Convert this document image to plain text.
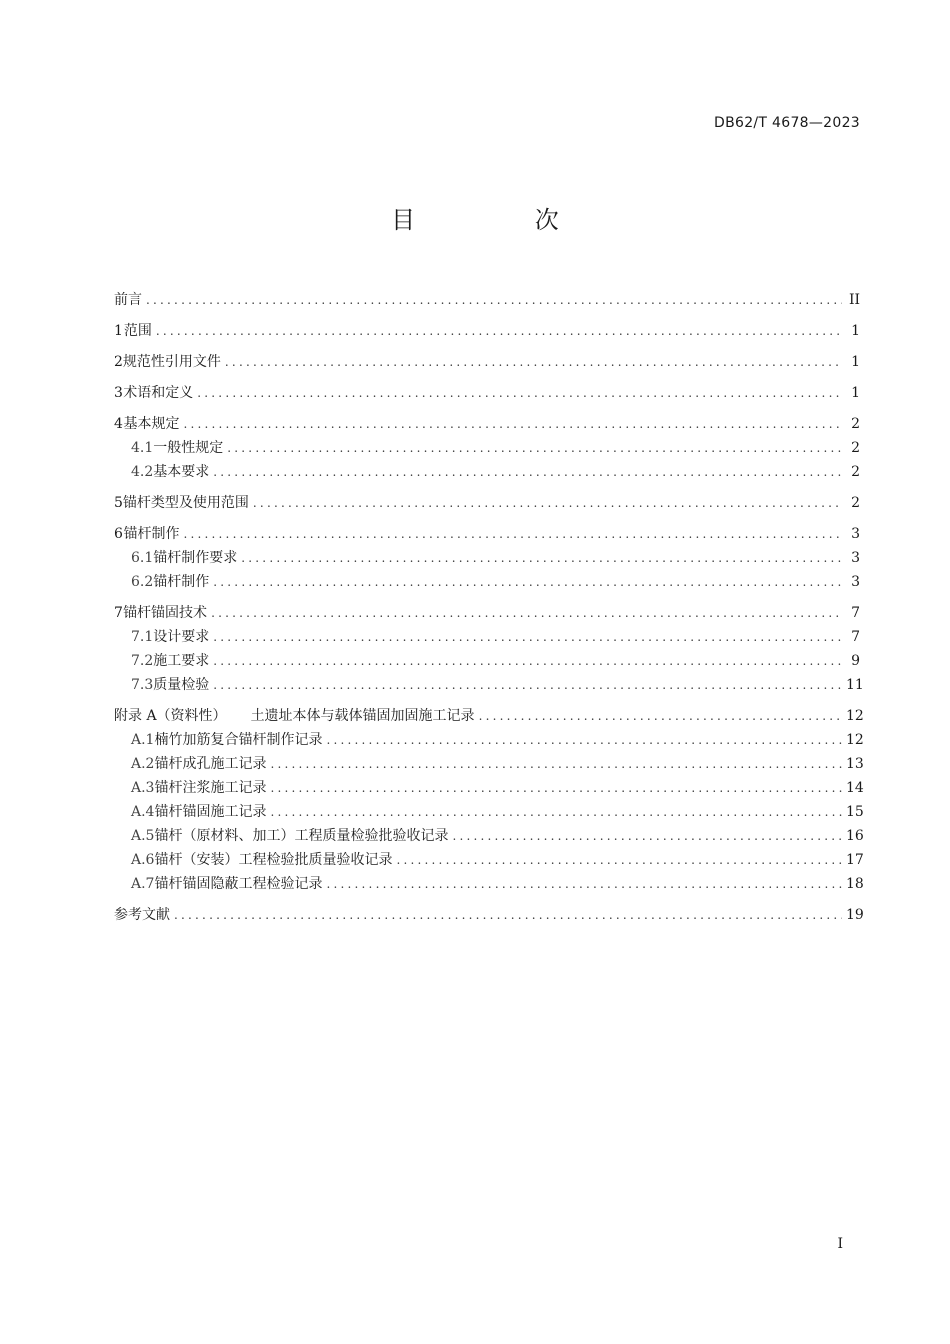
DB62/T 4678—2023
目 次
前言 .....	II
1 范围 .....	1
2 规范性引用文件 .....	1
3 术语和定义 .....	1
4 基本规定 .....	2
4.1 一般性规定 .....	2
4.2 基本要求 .....	2
5 锚杆类型及使用范围 .....	2
6 锚杆制作 .....	3
6.1 锚杆制作要求 .....	3
6.2 锚杆制作 .....	3
7 锚杆锚固技术 .....	7
7.1 设计要求 .....	7
7.2 施工要求 .....	9
7.3 质量检验 .....	11
附录 A（资料性） 土遗址本体与载体锚固加固施工记录 .....	12
A.1 楠竹加筋复合锚杆制作记录 .....	12
A.2 锚杆成孔施工记录 .....	13
A.3 锚杆注浆施工记录 .....	14
A.4 锚杆锚固施工记录 .....	15
A.5 锚杆（原材料、加工）工程质量检验批验收记录 .....	16
A.6 锚杆（安装）工程检验批质量验收记录 .....	17
A.7 锚杆锚固隐蔽工程检验记录 .....	18
参考文献 .....	19
I
